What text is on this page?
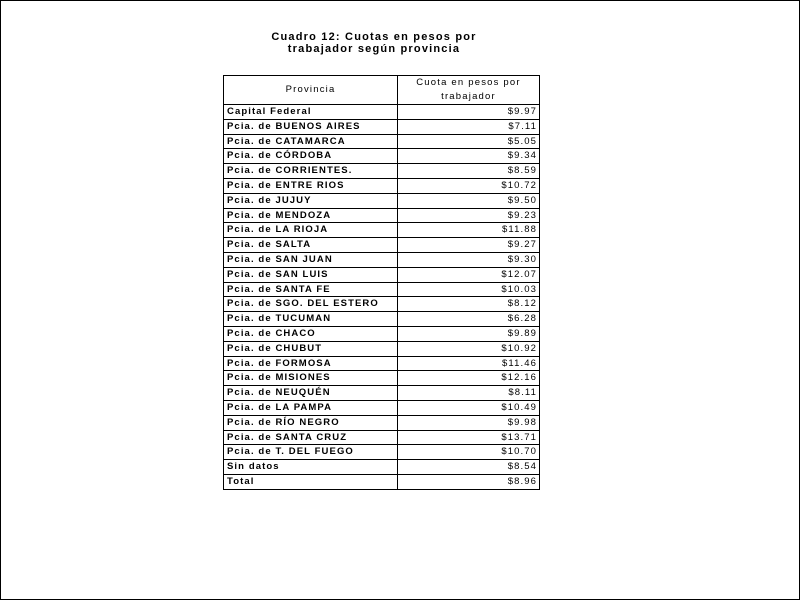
Cuadro 12: Cuotas en pesos por
trabajador según provincia
Provincia
Cuota en pesos por
trabajador
Capital Federal	$9.97
Pcia. de BUENOS AIRES	$7.11
Pcia. de CATAMARCA	$5.05
Pcia. de CÓRDOBA	$9.34
Pcia. de CORRIENTES.	$8.59
Pcia. de ENTRE RIOS	$10.72
Pcia. de JUJUY	$9.50
Pcia. de MENDOZA	$9.23
Pcia. de LA RIOJA	$11.88
Pcia. de SALTA	$9.27
Pcia. de SAN JUAN	$9.30
Pcia. de SAN LUIS	$12.07
Pcia. de SANTA FE	$10.03
Pcia. de SGO. DEL ESTERO	$8.12
Pcia. de TUCUMAN	$6.28
Pcia. de CHACO	$9.89
Pcia. de CHUBUT	$10.92
Pcia. de FORMOSA	$11.46
Pcia. de MISIONES	$12.16
Pcia. de NEUQUÉN	$8.11
Pcia. de LA PAMPA	$10.49
Pcia. de RÍO NEGRO	$9.98
Pcia. de SANTA CRUZ	$13.71
Pcia. de T. DEL FUEGO	$10.70
Sin datos	$8.54
Total	$8.96
